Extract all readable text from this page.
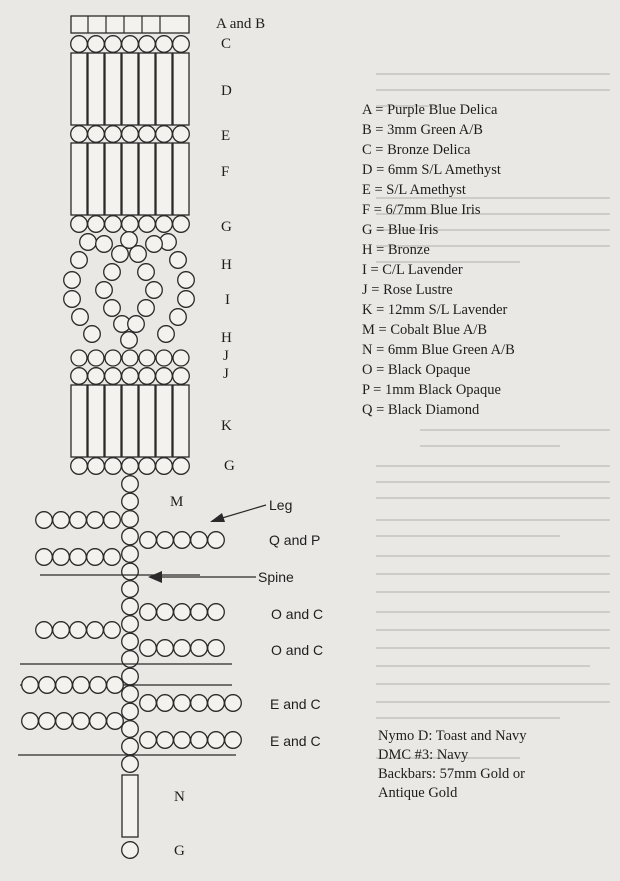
A and B
C
D
E
F
G
H
I
H
J
J
K
G
M	Leg
Q and P
Spine
O and C
O and C
E and C
E and C
N
G
A = Purple Blue Delica
B = 3mm Green A/B
C = Bronze Delica
D = 6mm S/L Amethyst
E = S/L Amethyst
F = 6/7mm Blue Iris
G = Blue Iris
H = Bronze
I = C/L Lavender
J = Rose Lustre
K = 12mm S/L Lavender
M = Cobalt Blue A/B
N = 6mm Blue Green A/B
O = Black Opaque
P = 1mm Black Opaque
Q = Black Diamond
Nymo D: Toast and Navy
DMC #3: Navy
Backbars: 57mm Gold or
Antique Gold
